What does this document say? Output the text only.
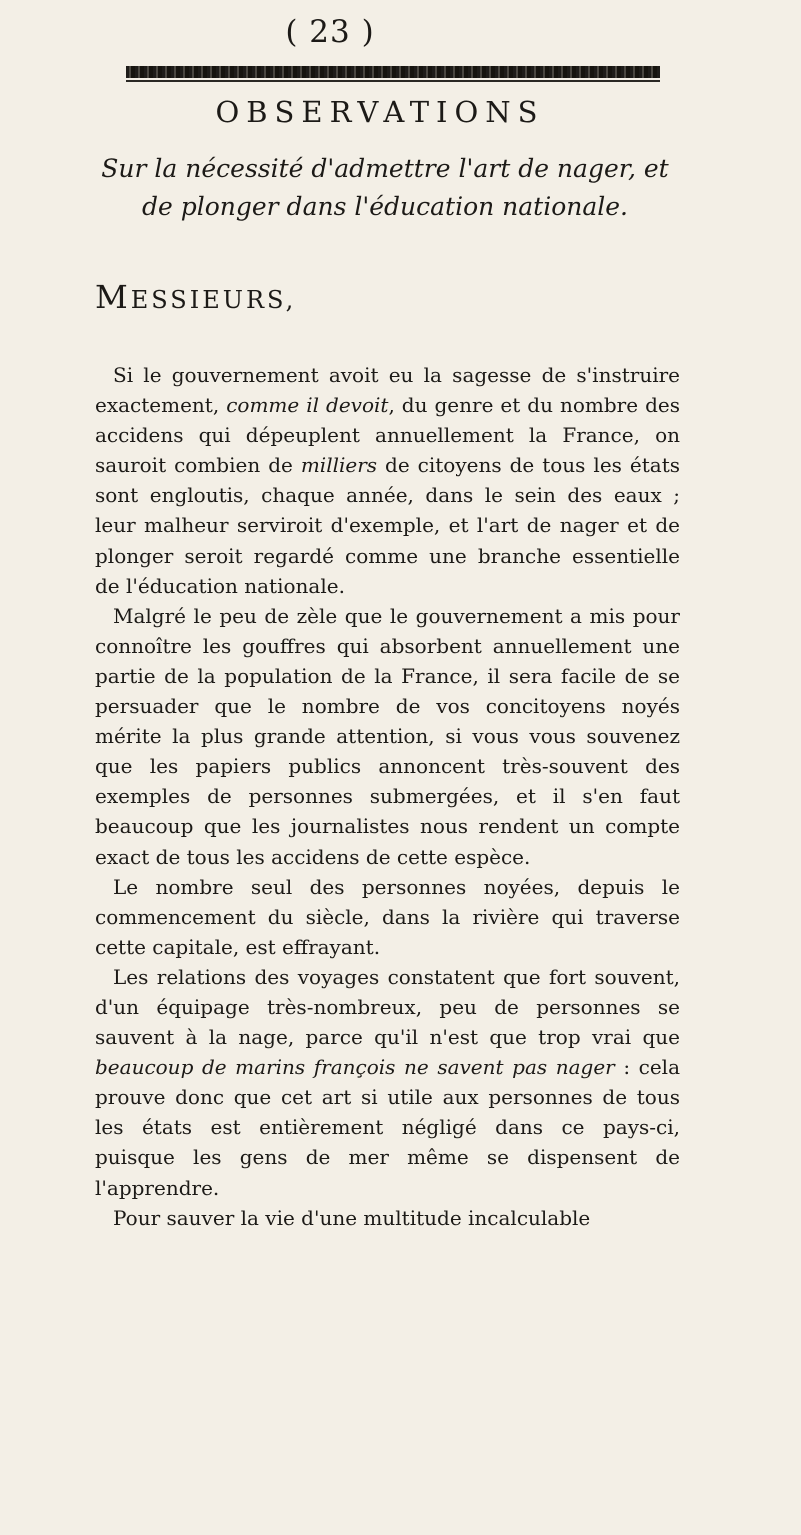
( 23 )
OBSERVATIONS
Sur la nécessité d'admettre l'art de nager, et de plonger dans l'éducation nationale.
MESSIEURS,

Si le gouvernement avoit eu la sagesse de s'instruire exactement, comme il devoit, du genre et du nombre des accidens qui dépeuplent annuellement la France, on sauroit combien de milliers de citoyens de tous les états sont engloutis, chaque année, dans le sein des eaux ; leur malheur serviroit d'exemple, et l'art de nager et de plonger seroit regardé comme une branche essentielle de l'éducation nationale.

Malgré le peu de zèle que le gouvernement a mis pour connoître les gouffres qui absorbent annuellement une partie de la population de la France, il sera facile de se persuader que le nombre de vos concitoyens noyés mérite la plus grande attention, si vous vous souvenez que les papiers publics annoncent très-souvent des exemples de personnes submergées, et il s'en faut beaucoup que les journalistes nous rendent un compte exact de tous les accidens de cette espèce.

Le nombre seul des personnes noyées, depuis le commencement du siècle, dans la rivière qui traverse cette capitale, est effrayant.

Les relations des voyages constatent que fort souvent, d'un équipage très-nombreux, peu de personnes se sauvent à la nage, parce qu'il n'est que trop vrai que beaucoup de marins françois ne savent pas nager : cela prouve donc que cet art si utile aux personnes de tous les états est entièrement négligé dans ce pays-ci, puisque les gens de mer même se dispensent de l'apprendre.

Pour sauver la vie d'une multitude incalculable
